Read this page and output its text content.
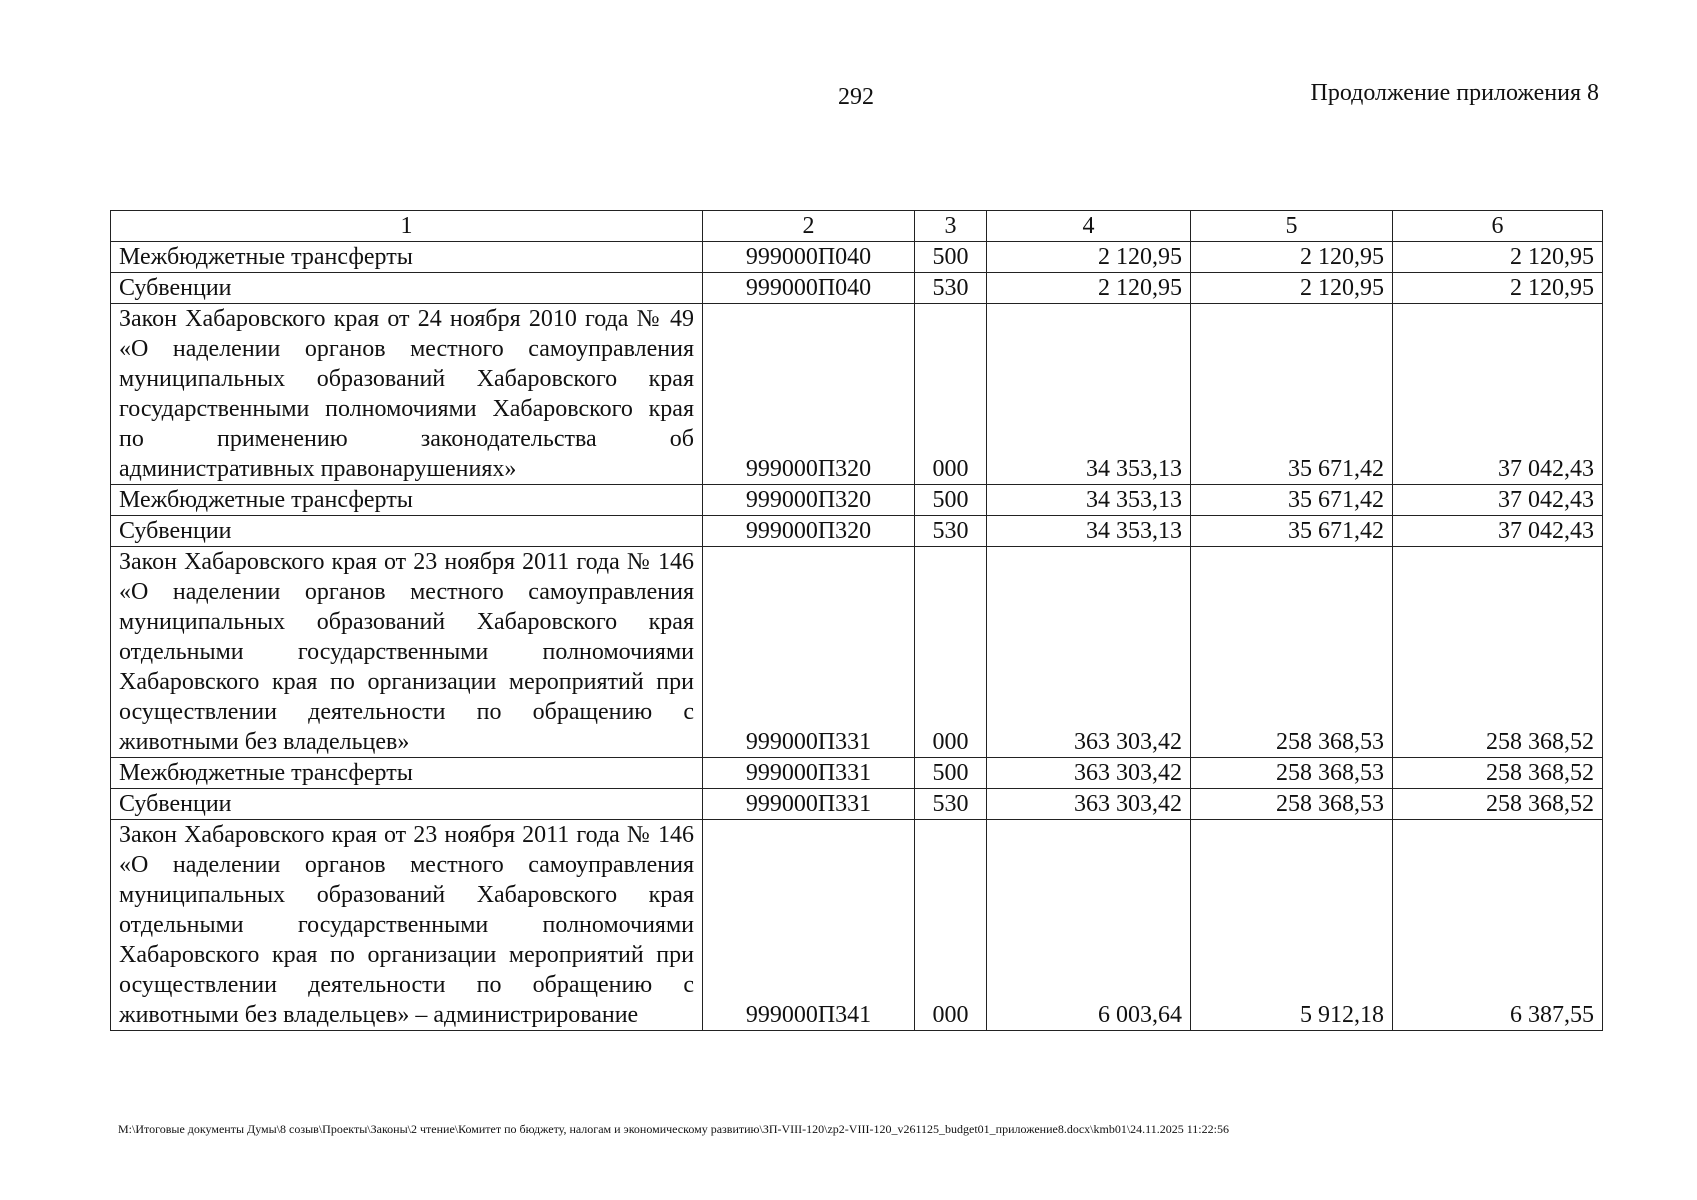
292	Продолжение приложения 8
1	2	3	4	5	6
Межбюджетные трансферты	999000П040	500	2 120,95	2 120,95	2 120,95
Субвенции	999000П040	530	2 120,95	2 120,95	2 120,95
Закон Хабаровского края от 24 ноября 2010 года № 49 «О наделении органов местного самоуправления муниципальных образований Хабаровского края государственными полномочиями Хабаровского края по применению законодательства об административных правонарушениях»	999000П320	000	34 353,13	35 671,42	37 042,43
Межбюджетные трансферты	999000П320	500	34 353,13	35 671,42	37 042,43
Субвенции	999000П320	530	34 353,13	35 671,42	37 042,43
Закон Хабаровского края от 23 ноября 2011 года № 146 «О наделении органов местного самоуправления муниципальных образований Хабаровского края отдельными государственными полномочиями Хабаровского края по организации мероприятий при осуществлении деятельности по обращению с животными без владельцев»	999000П331	000	363 303,42	258 368,53	258 368,52
Межбюджетные трансферты	999000П331	500	363 303,42	258 368,53	258 368,52
Субвенции	999000П331	530	363 303,42	258 368,53	258 368,52
Закон Хабаровского края от 23 ноября 2011 года № 146 «О наделении органов местного самоуправления муниципальных образований Хабаровского края отдельными государственными полномочиями Хабаровского края по организации мероприятий при осуществлении деятельности по обращению с животными без владельцев» – администрирование	999000П341	000	6 003,64	5 912,18	6 387,55
M:\Итоговые документы Думы\8 созыв\Проекты\Законы\2 чтение\Комитет по бюджету, налогам и экономическому развитию\ЗП-VIII-120\zp2-VIII-120_v261125_budget01_приложение8.docx\kmb01\24.11.2025 11:22:56
